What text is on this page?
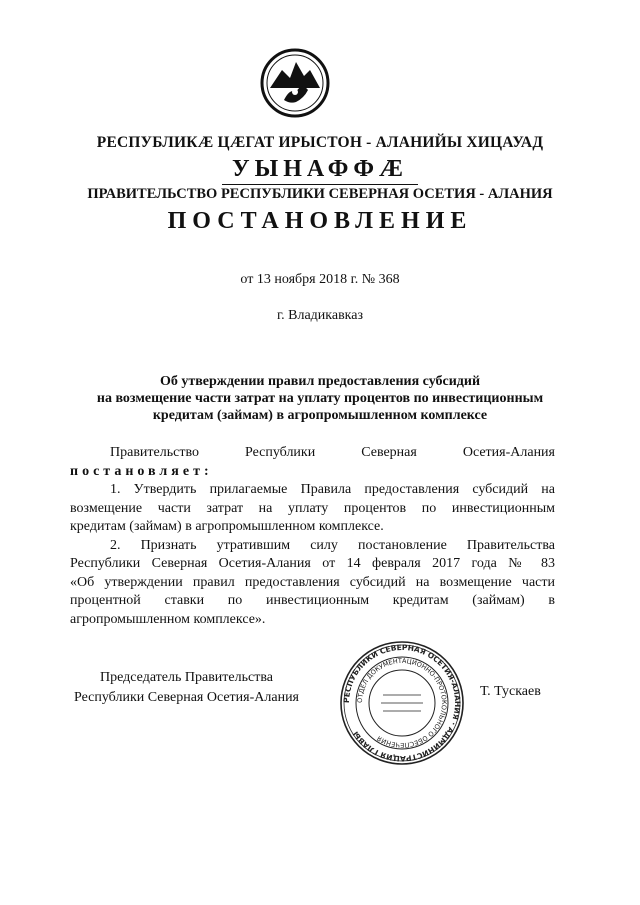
РЕСПУБЛИКӔ ЦӔГАТ ИРЫСТОН - АЛАНИЙЫ ХИЦАУАД
УЫНАФФӔ
ПРАВИТЕЛЬСТВО РЕСПУБЛИКИ СЕВЕРНАЯ ОСЕТИЯ - АЛАНИЯ
ПОСТАНОВЛЕНИЕ
от 13 ноября 2018 г. № 368
г. Владикавказ
Об утверждении правил предоставления субсидий
на возмещение части затрат на уплату процентов по инвестиционным
кредитам (займам) в агропромышленном комплексе
Правительство Республики Северная Осетия-Алания
постановляет:
1. Утвердить прилагаемые Правила предоставления субсидий на
возмещение части затрат на уплату процентов по инвестиционным
кредитам (займам) в агропромышленном комплексе.
2. Признать утратившим силу постановление Правительства
Республики Северная Осетия-Алания от 14 февраля 2017 года № 83
«Об утверждении правил предоставления субсидий на возмещение части
процентной ставки по инвестиционным кредитам (займам) в
агропромышленном комплексе».
Председатель Правительства
Республики Северная Осетия-Алания	РЕСПУБЛИКИ СЕВЕРНАЯ ОСЕТИЯ-АЛАНИЯ · АДМИНИСТРАЦИЯ ГЛАВЫ
ОТДЕЛ ДОКУМЕНТАЦИОННО-ПРОТОКОЛЬНОГО ОБЕСПЕЧЕНИЯ
Т. Тускаев
